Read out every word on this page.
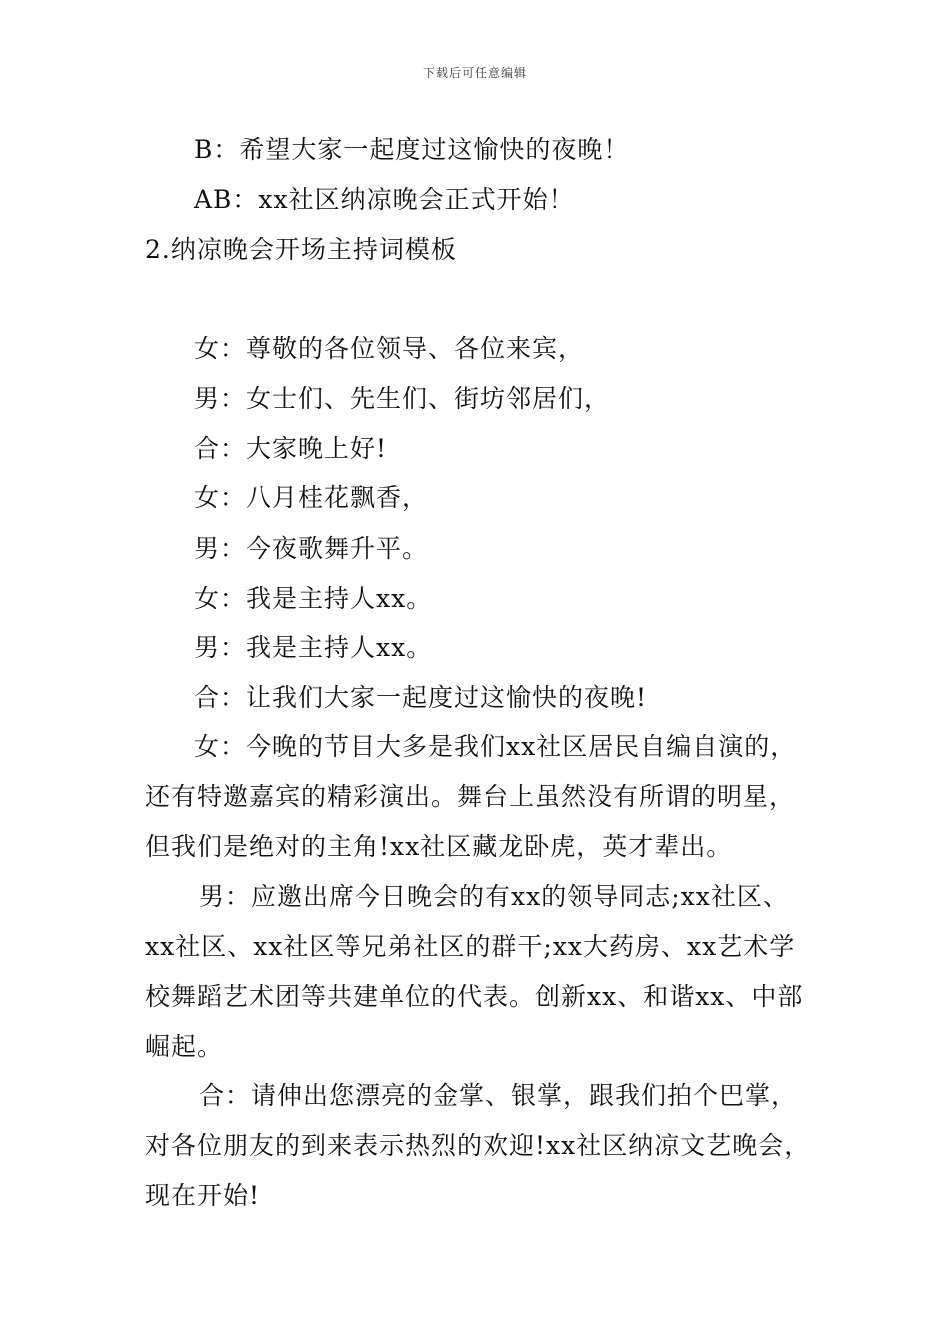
下载后可任意编辑
B：希望大家一起度过这愉快的夜晚！
AB：xx社区纳凉晚会正式开始！
2.纳凉晚会开场主持词模板
女：尊敬的各位领导、各位来宾，
男：女士们、先生们、街坊邻居们，
合：大家晚上好!
女：八月桂花飘香，
男：今夜歌舞升平。
女：我是主持人xx。
男：我是主持人xx。
合：让我们大家一起度过这愉快的夜晚!
女：今晚的节目大多是我们xx社区居民自编自演的，
还有特邀嘉宾的精彩演出。舞台上虽然没有所谓的明星，
但我们是绝对的主角!xx社区藏龙卧虎，英才辈出。
男：应邀出席今日晚会的有xx的领导同志;xx社区、
xx社区、xx社区等兄弟社区的群干;xx大药房、xx艺术学
校舞蹈艺术团等共建单位的代表。创新xx、和谐xx、中部
崛起。
合：请伸出您漂亮的金掌、银掌，跟我们拍个巴掌，
对各位朋友的到来表示热烈的欢迎!xx社区纳凉文艺晚会，
现在开始!
